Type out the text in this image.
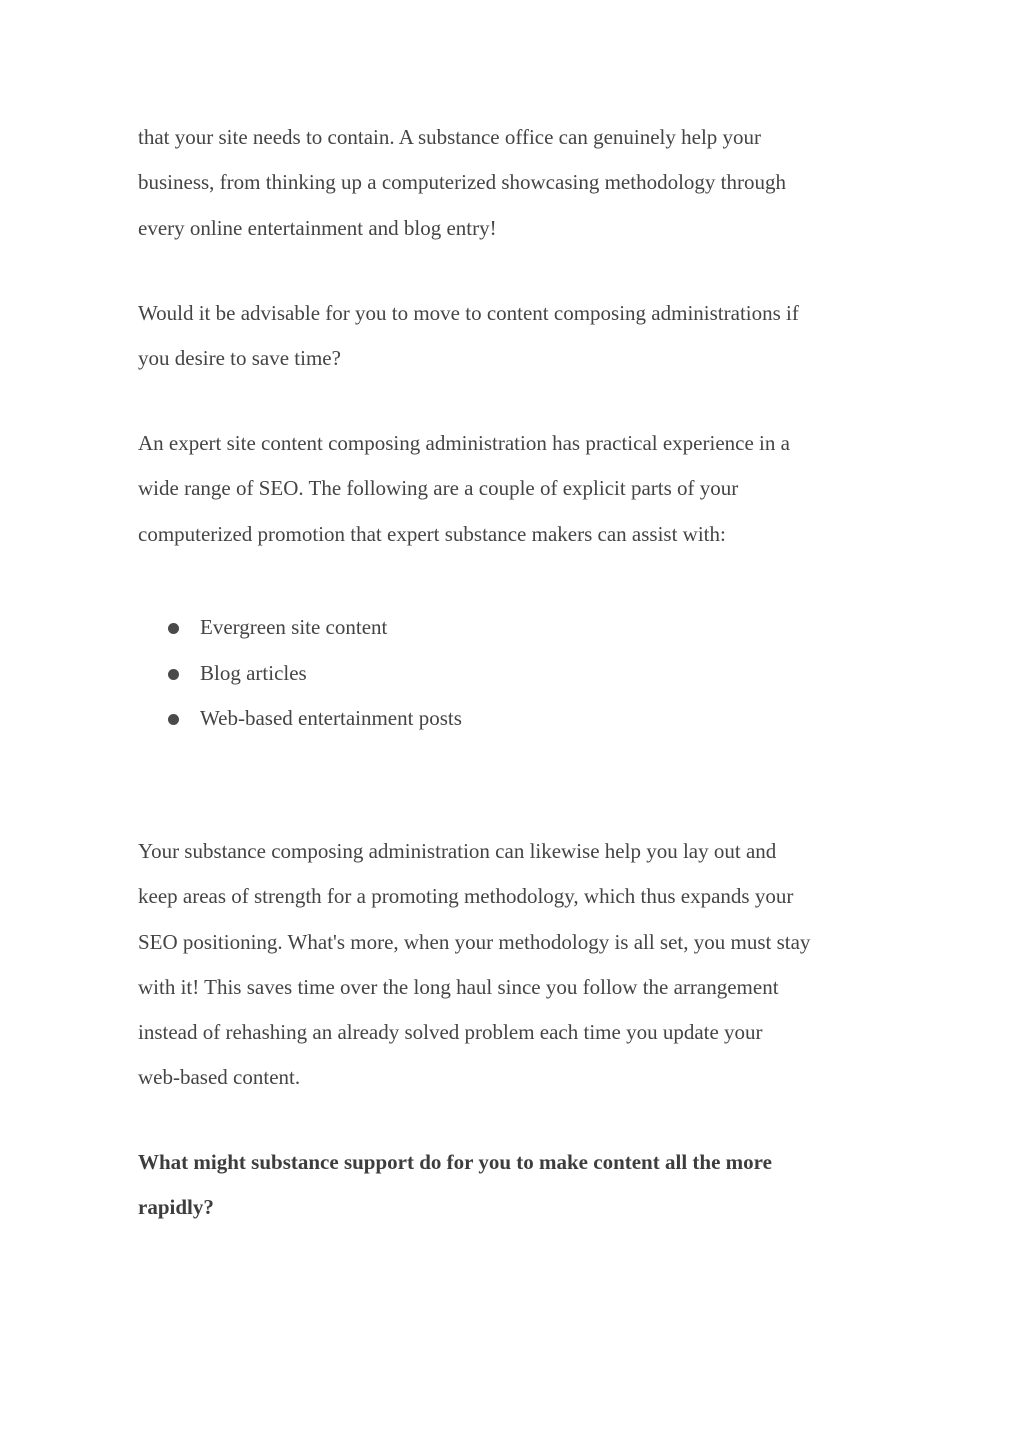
that your site needs to contain. A substance office can genuinely help your
business, from thinking up a computerized showcasing methodology through
every online entertainment and blog entry!

Would it be advisable for you to move to content composing administrations if
you desire to save time?

An expert site content composing administration has practical experience in a
wide range of SEO. The following are a couple of explicit parts of your
computerized promotion that expert substance makers can assist with:

Evergreen site content
Blog articles
Web-based entertainment posts

Your substance composing administration can likewise help you lay out and
keep areas of strength for a promoting methodology, which thus expands your
SEO positioning. What's more, when your methodology is all set, you must stay
with it! This saves time over the long haul since you follow the arrangement
instead of rehashing an already solved problem each time you update your
web-based content.

What might substance support do for you to make content all the more
rapidly?
